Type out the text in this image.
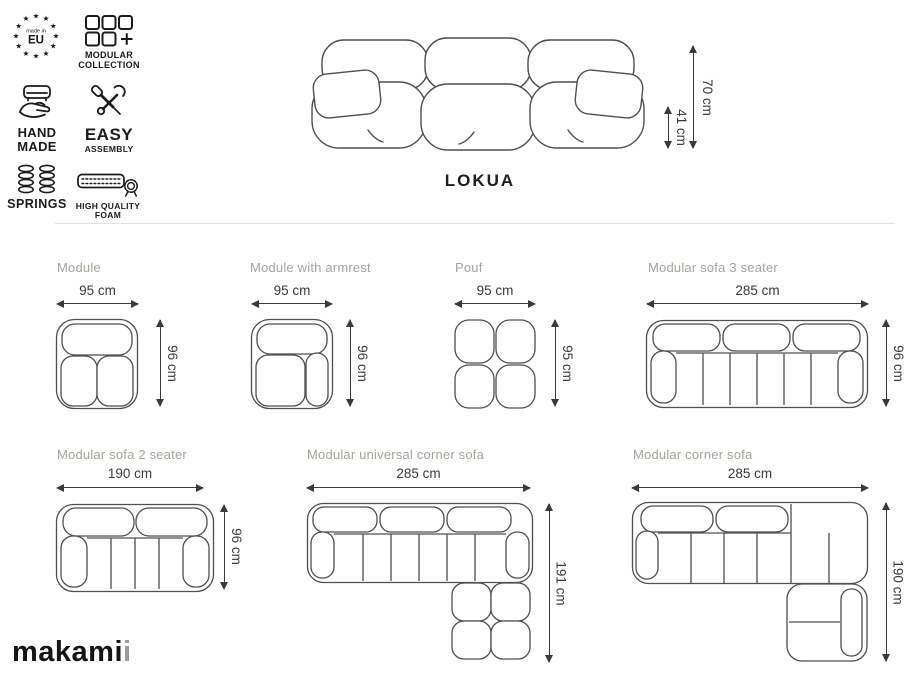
★ ★
★
★
★
★
★
★
★
★
★
★
made in
EU
MODULAR
COLLECTION
HAND
MADE
EASY
ASSEMBLY
SPRINGS HIGH QUALITY
FOAM
70 cm
41 cm
LOKUA
Module
95 cm
96 cm
Module with armrest
95 cm
96 cm
Pouf
95 cm
95 cm
Modular sofa 3 seater
285 cm
96 cm
Modular sofa 2 seater
190 cm
96 cm
Modular universal corner sofa
285 cm
191 cm
Modular corner sofa
285 cm
190 cm
makamii
